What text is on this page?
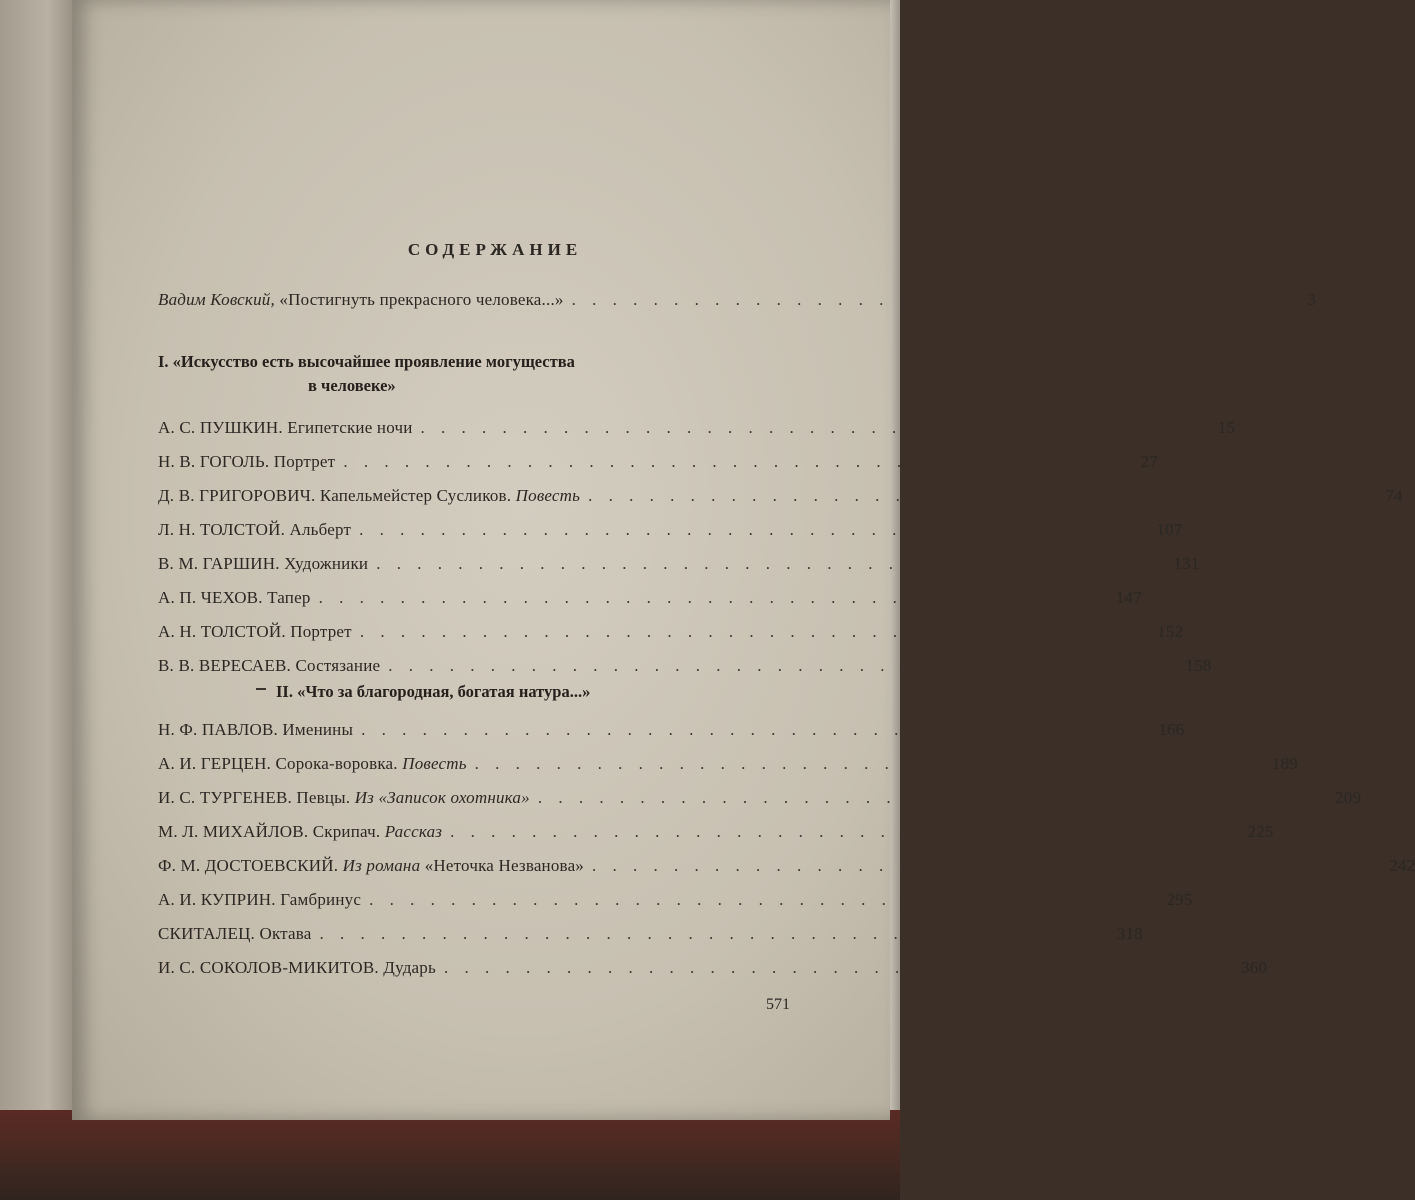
СОДЕРЖАНИЕ
Вадим Ковский, «Постигнуть прекрасного человека...» . . . . . . . . . . . . . . . . . . . . . . . . . . . . . . . . . . . . 3
I. «Искусство есть высочайшее проявление могущества
в человеке»
А. С. ПУШКИН. Египетские ночи . . . . . . . . . . . . . . . . . . . . . . . . . . . . . . . . . . . . . . . 15
Н. В. ГОГОЛЬ. Портрет . . . . . . . . . . . . . . . . . . . . . . . . . . . . . . . . . . . . . . . 27
Д. В. ГРИГОРОВИЧ. Капельмейстер Сусликов. Повесть . . . . . . . . . . . . . . . . . . . . . . . . . . . . . . . . . . . . . . . 74
Л. Н. ТОЛСТОЙ. Альберт . . . . . . . . . . . . . . . . . . . . . . . . . . . . . . . . . . . . . . . 107
В. М. ГАРШИН. Художники . . . . . . . . . . . . . . . . . . . . . . . . . . . . . . . . . . . . . . . 131
А. П. ЧЕХОВ. Тапер . . . . . . . . . . . . . . . . . . . . . . . . . . . . . . . . . . . . . . . 147
А. Н. ТОЛСТОЙ. Портрет . . . . . . . . . . . . . . . . . . . . . . . . . . . . . . . . . . . . . . . 152
В. В. ВЕРЕСАЕВ. Состязание . . . . . . . . . . . . . . . . . . . . . . . . . . . . . . . . . . . . . . . 158
II. «Что за благородная, богатая натура...»
Н. Ф. ПАВЛОВ. Именины . . . . . . . . . . . . . . . . . . . . . . . . . . . . . . . . . . . . . . . 166
А. И. ГЕРЦЕН. Сорока-воровка. Повесть . . . . . . . . . . . . . . . . . . . . . . . . . . . . . . . . . . . . . . . 189
И. С. ТУРГЕНЕВ. Певцы. Из «Записок охотника» . . . . . . . . . . . . . . . . . . . . . . . . . . . . . . . . . . . . . . . 209
М. Л. МИХАЙЛОВ. Скрипач. Рассказ . . . . . . . . . . . . . . . . . . . . . . . . . . . . . . . . . . . . . . . 225
Ф. М. ДОСТОЕВСКИЙ. Из романа «Неточка Незванова» . . . . . . . . . . . . . . . . . . . . . . . . . . . . . . . . . . . . . . . 242
А. И. КУПРИН. Гамбринус . . . . . . . . . . . . . . . . . . . . . . . . . . . . . . . . . . . . . . . 295
СКИТАЛЕЦ. Октава . . . . . . . . . . . . . . . . . . . . . . . . . . . . . . . . . . . . . . . 318
И. С. СОКОЛОВ-МИКИТОВ. Дударь . . . . . . . . . . . . . . . . . . . . . . . . . . . . . . . . . . . . . . . 360
571
